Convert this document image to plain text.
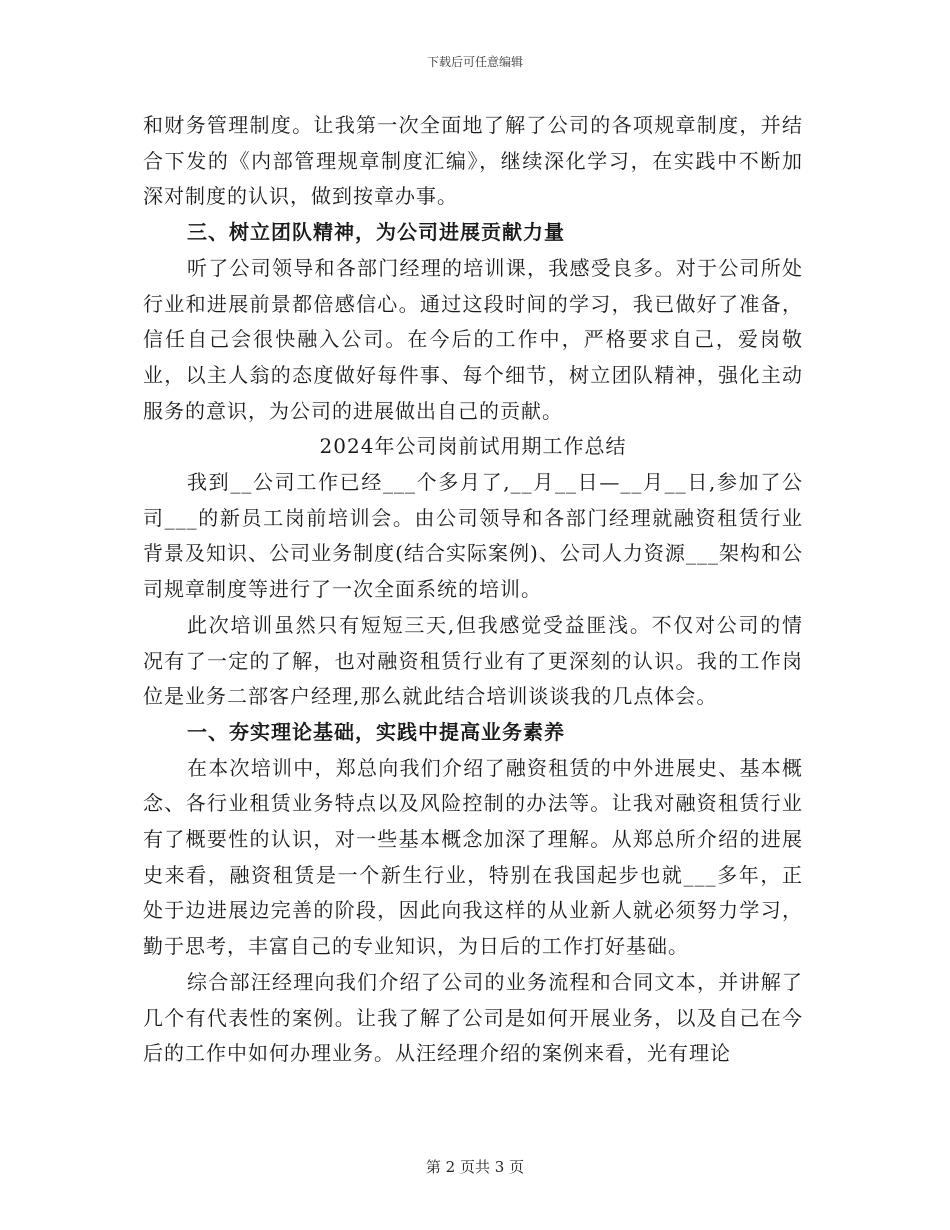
下载后可任意编辑

和财务管理制度。让我第一次全面地了解了公司的各项规章制度，并结合下发的《内部管理规章制度汇编》，继续深化学习，在实践中不断加深对制度的认识，做到按章办事。

三、树立团队精神，为公司进展贡献力量

听了公司领导和各部门经理的培训课，我感受良多。对于公司所处行业和进展前景都倍感信心。通过这段时间的学习，我已做好了准备，信任自己会很快融入公司。在今后的工作中，严格要求自己，爱岗敬业，以主人翁的态度做好每件事、每个细节，树立团队精神，强化主动服务的意识，为公司的进展做出自己的贡献。

2024年公司岗前试用期工作总结

我到__公司工作已经___个多月了,__月__日—__月__日,参加了公司___的新员工岗前培训会。由公司领导和各部门经理就融资租赁行业背景及知识、公司业务制度(结合实际案例)、公司人力资源___架构和公司规章制度等进行了一次全面系统的培训。

此次培训虽然只有短短三天,但我感觉受益匪浅。不仅对公司的情况有了一定的了解，也对融资租赁行业有了更深刻的认识。我的工作岗位是业务二部客户经理,那么就此结合培训谈谈我的几点体会。

一、夯实理论基础，实践中提高业务素养

在本次培训中，郑总向我们介绍了融资租赁的中外进展史、基本概念、各行业租赁业务特点以及风险控制的办法等。让我对融资租赁行业有了概要性的认识，对一些基本概念加深了理解。从郑总所介绍的进展史来看，融资租赁是一个新生行业，特别在我国起步也就___多年，正处于边进展边完善的阶段，因此向我这样的从业新人就必须努力学习，勤于思考，丰富自己的专业知识，为日后的工作打好基础。

综合部汪经理向我们介绍了公司的业务流程和合同文本，并讲解了几个有代表性的案例。让我了解了公司是如何开展业务，以及自己在今后的工作中如何办理业务。从汪经理介绍的案例来看，光有理论

第 2 页共 3 页
